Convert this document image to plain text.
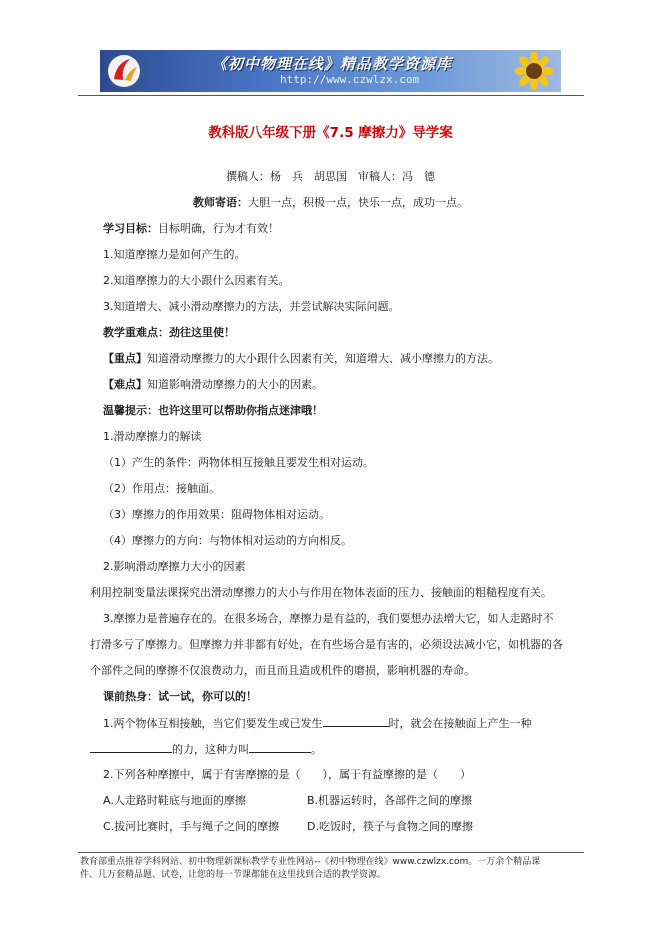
《初中物理在线》精品教学资源库
http://www.czwlzx.com
教科版八年级下册《7.5 摩擦力》导学案
撰稿人：杨　兵　胡思国　审稿人：冯　德
教师寄语：大胆一点，积极一点，快乐一点，成功一点。
学习目标：目标明确，行为才有效！
1.知道摩擦力是如何产生的。
2.知道摩擦力的大小跟什么因素有关。
3.知道增大、减小滑动摩擦力的方法，并尝试解决实际问题。
教学重难点：劲往这里使！
【重点】知道滑动摩擦力的大小跟什么因素有关，知道增大、减小摩擦力的方法。
【难点】知道影响滑动摩擦力的大小的因素。
温馨提示：也许这里可以帮助你指点迷津哦！
1.滑动摩擦力的解读
（1）产生的条件：两物体相互接触且要发生相对运动。
（2）作用点：接触面。
（3）摩擦力的作用效果：阻碍物体相对运动。
（4）摩擦力的方向：与物体相对运动的方向相反。
2.影响滑动摩擦力大小的因素
利用控制变量法课探究出滑动摩擦力的大小与作用在物体表面的压力、接触面的粗糙程度有关。
3.摩擦力是普遍存在的。在很多场合，摩擦力是有益的，我们要想办法增大它，如人走路时不
打滑多亏了摩擦力。但摩擦力并非都有好处，在有些场合是有害的，必须设法减小它，如机器的各
个部件之间的摩擦不仅浪费动力，而且而且造成机件的磨损，影响机器的寿命。
课前热身：试一试，你可以的！
1.两个物体互相接触，当它们要发生或已发生	时，就会在接触面上产生一种
的力，这种力叫	。
2.下列各种摩擦中，属于有害摩擦的是（　　），属于有益摩擦的是（　　）
A.人走路时鞋底与地面的摩擦	B.机器运转时，各部件之间的摩擦
C.拔河比赛时，手与绳子之间的摩擦	D.吃饭时，筷子与食物之间的摩擦
教育部重点推荐学科网站、初中物理新课标教学专业性网站--《初中物理在线》www.czwlzx.com。一万余个精品课
件、几万套精品题、试卷，让您的每一节课都能在这里找到合适的教学资源。
